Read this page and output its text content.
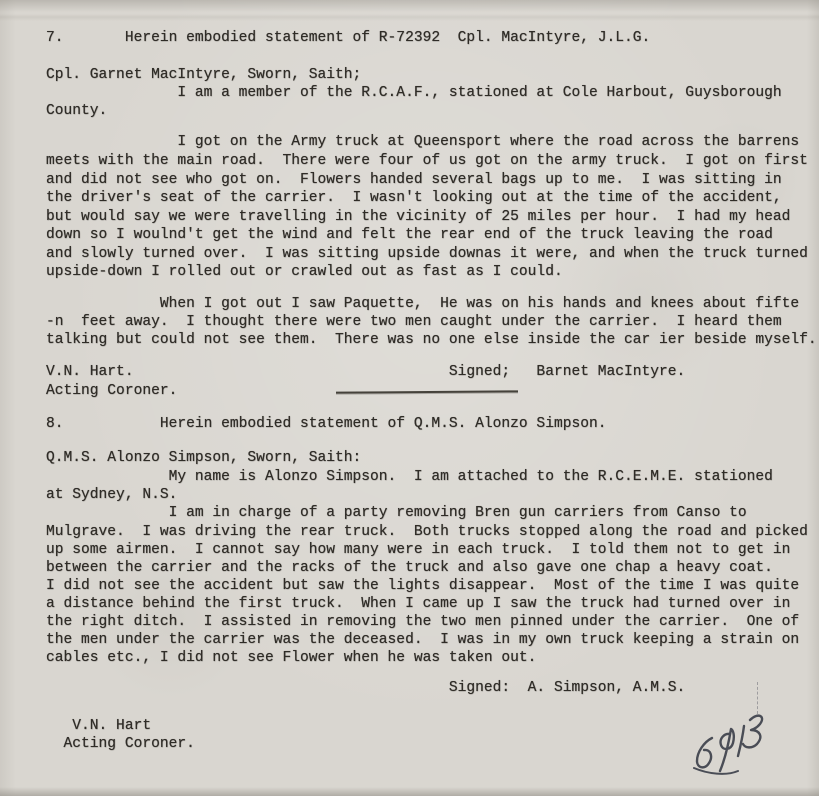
7.       Herein embodied statement of R-72392  Cpl. MacIntyre, J.L.G.
Cpl. Garnet MacIntyre, Sworn, Saith;
I am a member of the R.C.A.F., stationed at Cole Harbout, Guysborough
County.
I got on the Army truck at Queensport where the road across the barrens
meets with the main road.  There were four of us got on the army truck.  I got on first
and did not see who got on.  Flowers handed several bags up to me.  I was sitting in
the driver's seat of the carrier.  I wasn't looking out at the time of the accident,
but would say we were travelling in the vicinity of 25 miles per hour.  I had my head
down so I woulnd't get the wind and felt the rear end of the truck leaving the road
and slowly turned over.  I was sitting upside downas it were, and when the truck turned
upside-down I rolled out or crawled out as fast as I could.
When I got out I saw Paquette,  He was on his hands and knees about fifte
-n  feet away.  I thought there were two men caught under the carrier.  I heard them
talking but could not see them.  There was no one else inside the car ier beside myself.
V.N. Hart.                                    Signed;   Barnet MacIntyre.
Acting Coroner.
8.           Herein embodied statement of Q.M.S. Alonzo Simpson.
Q.M.S. Alonzo Simpson, Sworn, Saith:
My name is Alonzo Simpson.  I am attached to the R.C.E.M.E. stationed
at Sydney, N.S.
I am in charge of a party removing Bren gun carriers from Canso to
Mulgrave.  I was driving the rear truck.  Both trucks stopped along the road and picked
up some airmen.  I cannot say how many were in each truck.  I told them not to get in
between the carrier and the racks of the truck and also gave one chap a heavy coat.
I did not see the accident but saw the lights disappear.  Most of the time I was quite
a distance behind the first truck.  When I came up I saw the truck had turned over in
the right ditch.  I assisted in removing the two men pinned under the carrier.  One of
the men under the carrier was the deceased.  I was in my own truck keeping a strain on
cables etc., I did not see Flower when he was taken out.
Signed:  A. Simpson, A.M.S.
V.N. Hart
Acting Coroner.
